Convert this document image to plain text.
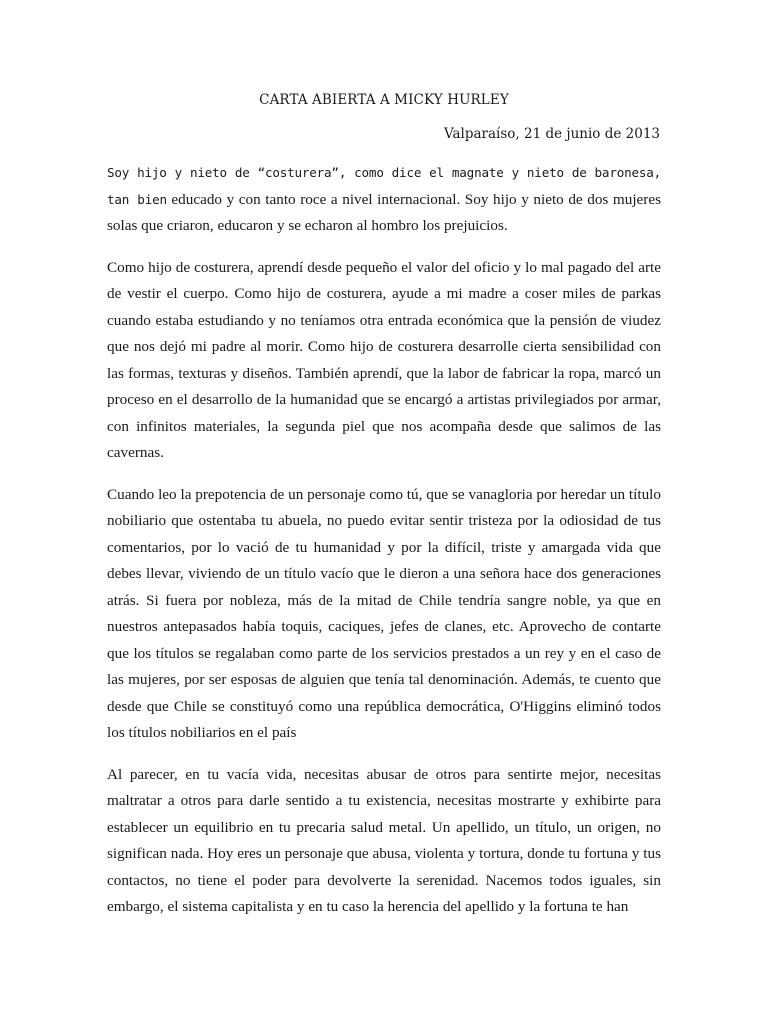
CARTA ABIERTA A MICKY HURLEY

Valparaíso, 21 de junio de 2013

Soy hijo y nieto de “costurera”, como dice el magnate y nieto de baronesa, tan bien educado y con tanto roce a nivel internacional. Soy hijo y nieto de dos mujeres solas que criaron, educaron y se echaron al hombro los prejuicios.

Como hijo de costurera, aprendí desde pequeño el valor del oficio y lo mal pagado del arte de vestir el cuerpo. Como hijo de costurera, ayude a mi madre a coser miles de parkas cuando estaba estudiando y no teníamos otra entrada económica que la pensión de viudez que nos dejó mi padre al morir. Como hijo de costurera desarrolle cierta sensibilidad con las formas, texturas y diseños. También aprendí, que la labor de fabricar la ropa, marcó un proceso en el desarrollo de la humanidad que se encargó a artistas privilegiados por armar, con infinitos materiales, la segunda piel que nos acompaña desde que salimos de las cavernas.

Cuando leo la prepotencia de un personaje como tú, que se vanagloria por heredar un título nobiliario que ostentaba tu abuela, no puedo evitar sentir tristeza por la odiosidad de tus comentarios, por lo vació de tu humanidad y por la difícil, triste y amargada vida que debes llevar, viviendo de un título vacío que le dieron a una señora hace dos generaciones atrás. Si fuera por nobleza, más de la mitad de Chile tendría sangre noble, ya que en nuestros antepasados había toquis, caciques, jefes de clanes, etc. Aprovecho de contarte que los títulos se regalaban como parte de los servicios prestados a un rey y en el caso de las mujeres, por ser esposas de alguien que tenía tal denominación. Además, te cuento que desde que Chile se constituyó como una república democrática, O'Higgins eliminó todos los títulos nobiliarios en el país

Al parecer, en tu vacía vida, necesitas abusar de otros para sentirte mejor, necesitas maltratar a otros para darle sentido a tu existencia, necesitas mostrarte y exhibirte para establecer un equilibrio en tu precaria salud metal. Un apellido, un título, un origen, no significan nada. Hoy eres un personaje que abusa, violenta y tortura, donde tu fortuna y tus contactos, no tiene el poder para devolverte la serenidad. Nacemos todos iguales, sin embargo, el sistema capitalista y en tu caso la herencia del apellido y la fortuna te han
